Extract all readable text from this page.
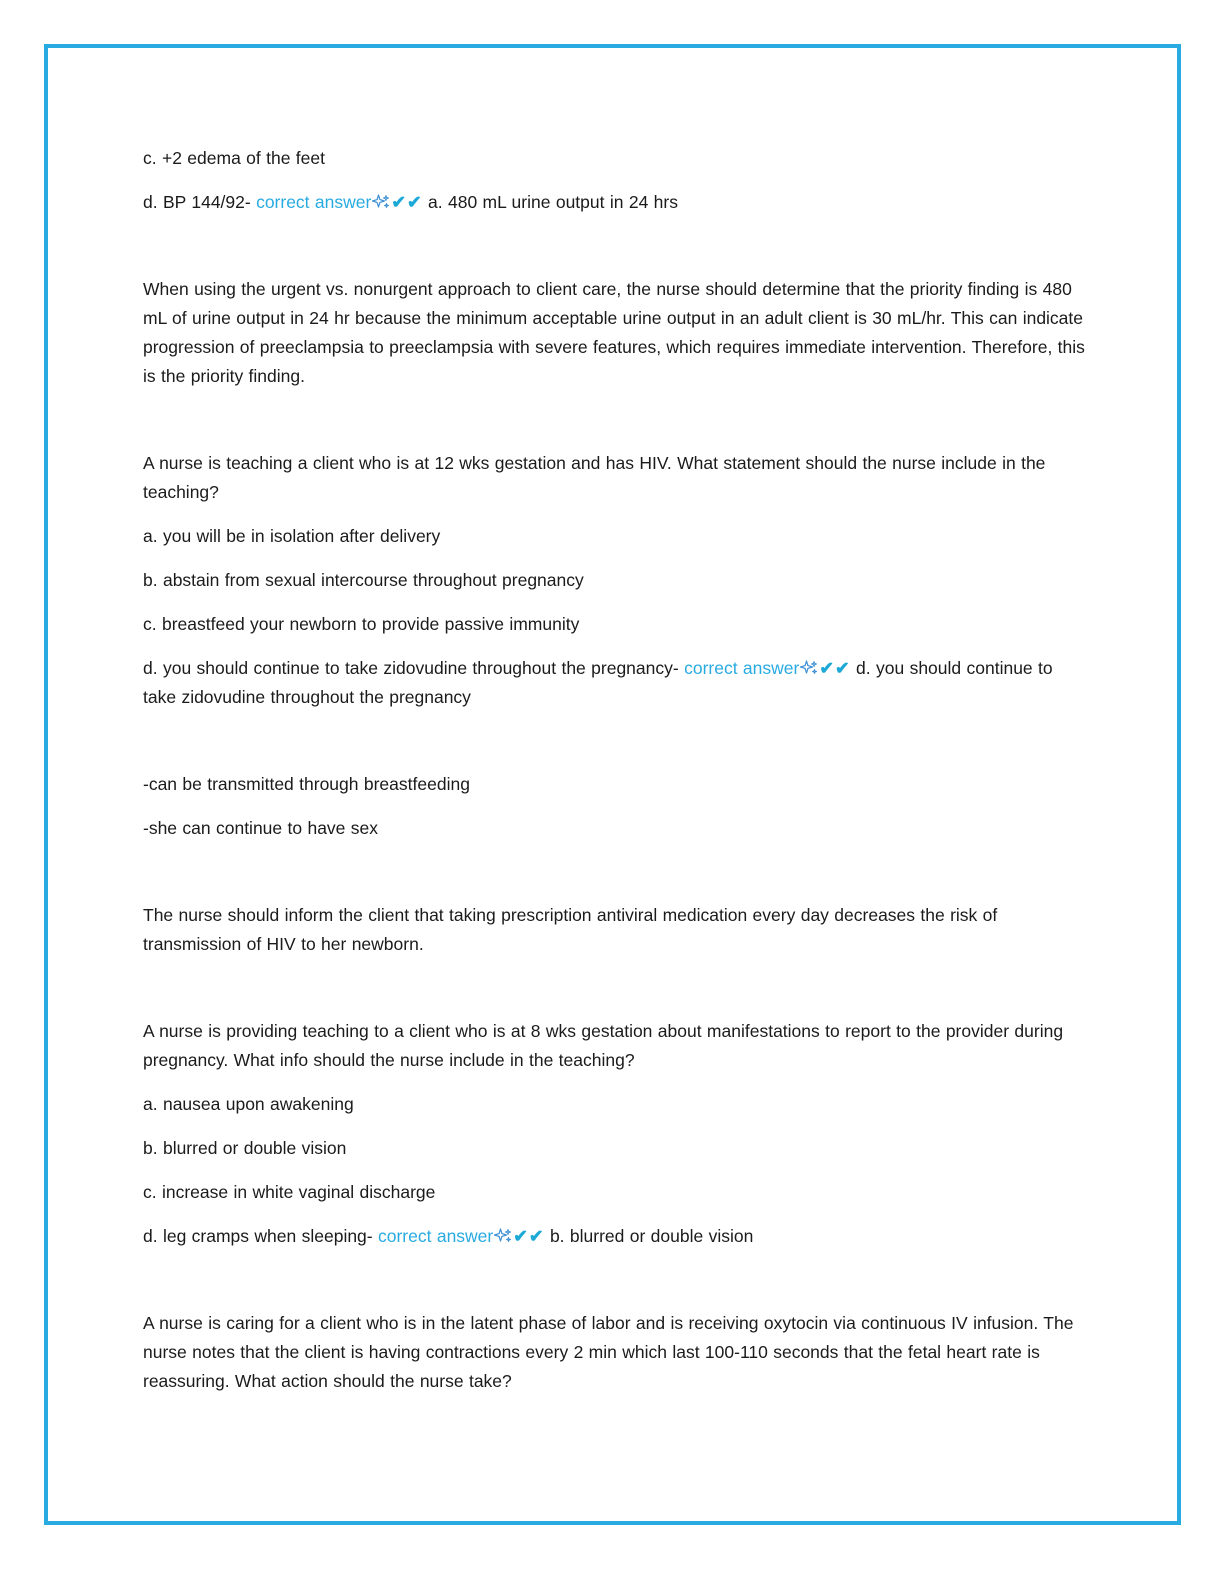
c. +2 edema of the feet

d. BP 144/92- correct answer ✔✔ a. 480 mL urine output in 24 hrs

When using the urgent vs. nonurgent approach to client care, the nurse should determine that the priority finding is 480 mL of urine output in 24 hr because the minimum acceptable urine output in an adult client is 30 mL/hr. This can indicate progression of preeclampsia to preeclampsia with severe features, which requires immediate intervention. Therefore, this is the priority finding.

A nurse is teaching a client who is at 12 wks gestation and has HIV. What statement should the nurse include in the teaching?

a. you will be in isolation after delivery

b. abstain from sexual intercourse throughout pregnancy

c. breastfeed your newborn to provide passive immunity

d. you should continue to take zidovudine throughout the pregnancy- correct answer ✔✔ d. you should continue to take zidovudine throughout the pregnancy

-can be transmitted through breastfeeding

-she can continue to have sex

The nurse should inform the client that taking prescription antiviral medication every day decreases the risk of transmission of HIV to her newborn.

A nurse is providing teaching to a client who is at 8 wks gestation about manifestations to report to the provider during pregnancy. What info should the nurse include in the teaching?

a. nausea upon awakening

b. blurred or double vision

c. increase in white vaginal discharge

d. leg cramps when sleeping- correct answer ✔✔ b. blurred or double vision

A nurse is caring for a client who is in the latent phase of labor and is receiving oxytocin via continuous IV infusion. The nurse notes that the client is having contractions every 2 min which last 100-110 seconds that the fetal heart rate is reassuring. What action should the nurse take?
